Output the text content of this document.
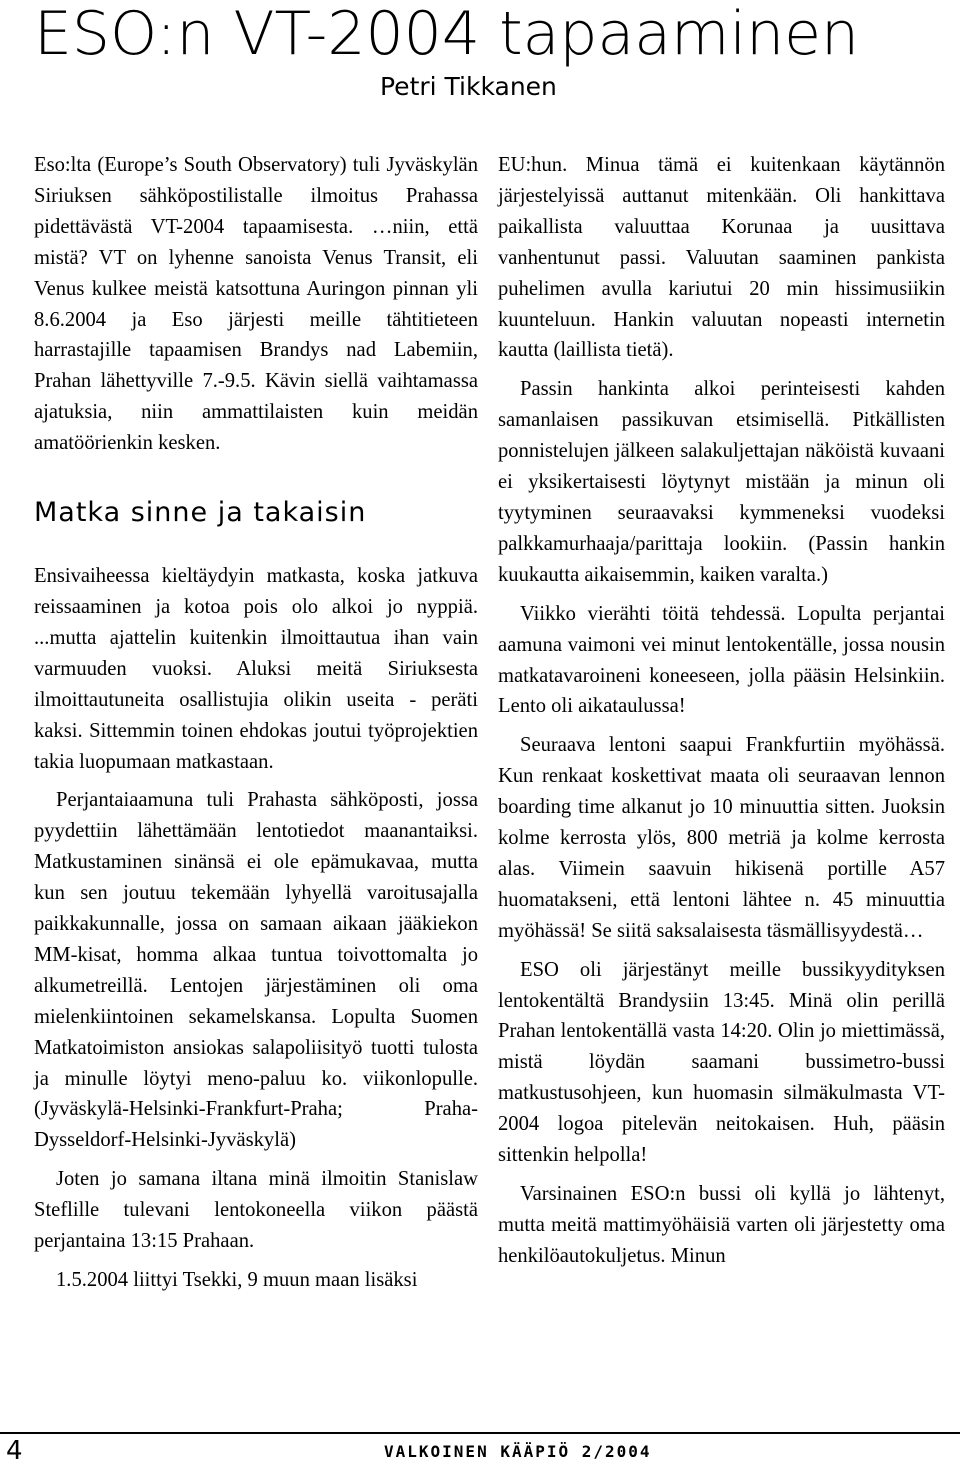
ESO:n VT-2004 tapaaminen
Petri Tikkanen

Eso:lta (Europe’s South Observatory) tuli Jyväskylän Siriuksen sähköpostilistalle ilmoitus Prahassa pidettävästä VT-2004 tapaamisesta. …niin, että mistä? VT on lyhenne sanoista Venus Transit, eli Venus kulkee meistä katsottuna Auringon pinnan yli 8.6.2004 ja Eso järjesti meille tähtitieteen harrastajille tapaamisen Brandys nad Labemiin, Prahan lähettyville 7.-9.5. Kävin siellä vaihtamassa ajatuksia, niin ammattilaisten kuin meidän amatöörienkin kesken.

Matka sinne ja takaisin

Ensivaiheessa kieltäydyin matkasta, koska jatkuva reissaaminen ja kotoa pois olo alkoi jo nyppiä. ...mutta ajattelin kuitenkin ilmoittautua ihan vain varmuuden vuoksi. Aluksi meitä Siriuksesta ilmoittautuneita osallistujia olikin useita - peräti kaksi. Sittemmin toinen ehdokas joutui työprojektien takia luopumaan matkastaan.

Perjantaiaamuna tuli Prahasta sähköposti, jossa pyydettiin lähettämään lentotiedot maanantaiksi. Matkustaminen sinänsä ei ole epämukavaa, mutta kun sen joutuu tekemään lyhyellä varoitusajalla paikkakunnalle, jossa on samaan aikaan jääkiekon MM-kisat, homma alkaa tuntua toivottomalta jo alkumetreillä. Lentojen järjestäminen oli oma mielenkiintoinen sekamelskansa. Lopulta Suomen Matkatoimiston ansiokas salapoliisityö tuotti tulosta ja minulle löytyi meno-paluu ko. viikonlopulle. (Jyväskylä-Helsinki-Frankfurt-Praha; Praha-Dysseldorf-Helsinki-Jyväskylä)

Joten jo samana iltana minä ilmoitin Stanislaw Steflille tulevani lentokoneella viikon päästä perjantaina 13:15 Prahaan.

1.5.2004 liittyi Tsekki, 9 muun maan lisäksi

EU:hun. Minua tämä ei kuitenkaan käytännön järjestelyissä auttanut mitenkään. Oli hankittava paikallista valuuttaa Korunaa ja uusittava vanhentunut passi. Valuutan saaminen pankista puhelimen avulla kariutui 20 min hissimusiikin kuunteluun. Hankin valuutan nopeasti internetin kautta (laillista tietä).

Passin hankinta alkoi perinteisesti kahden samanlaisen passikuvan etsimisellä. Pitkällisten ponnistelujen jälkeen salakuljettajan näköistä kuvaani ei yksikertaisesti löytynyt mistään ja minun oli tyytyminen seuraavaksi kymmeneksi vuodeksi palkkamurhaaja/parittaja lookiin. (Passin hankin kuukautta aikaisemmin, kaiken varalta.)

Viikko vierähti töitä tehdessä. Lopulta perjantai aamuna vaimoni vei minut lentokentälle, jossa nousin matkatavaroineni koneeseen, jolla pääsin Helsinkiin. Lento oli aikataulussa!

Seuraava lentoni saapui Frankfurtiin myöhässä. Kun renkaat koskettivat maata oli seuraavan lennon boarding time alkanut jo 10 minuuttia sitten. Juoksin kolme kerrosta ylös, 800 metriä ja kolme kerrosta alas. Viimein saavuin hikisenä portille A57 huomatakseni, että lentoni lähtee n. 45 minuuttia myöhässä! Se siitä saksalaisesta täsmällisyydestä…

ESO oli järjestänyt meille bussikyydityksen lentokentältä Brandysiin 13:45. Minä olin perillä Prahan lentokentällä vasta 14:20. Olin jo miettimässä, mistä löydän saamani bussimetro-bussi matkustusohjeen, kun huomasin silmäkulmasta VT-2004 logoa pitelevän neitokaisen. Huh, pääsin sittenkin helpolla!

Varsinainen ESO:n bussi oli kyllä jo lähtenyt, mutta meitä mattimyöhäisiä varten oli järjestetty oma henkilöautokuljetus. Minun

4	VALKOINEN KÄÄPIÖ 2/2004
